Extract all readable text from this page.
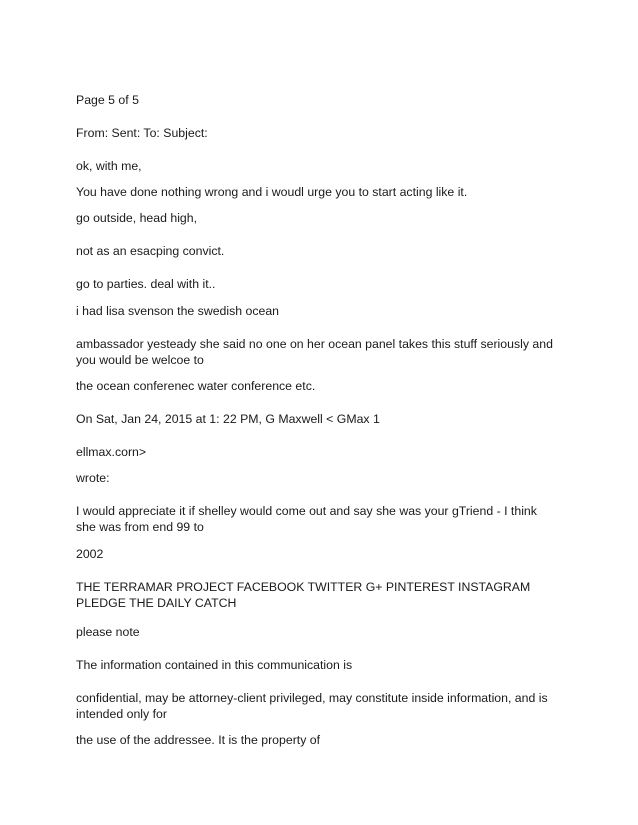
Page 5 of 5

From: Sent: To: Subject:

ok, with me,

You have done nothing wrong and i woudl urge you to start acting like it.

go outside, head high,

not as an esacping convict.

go to parties. deal with it..

i had lisa svenson the swedish ocean

ambassador yesteady she said no one on her ocean panel takes this stuff seriously and you would be welcoe to

the ocean conferenec water conference etc.

On Sat, Jan 24, 2015 at 1: 22 PM, G Maxwell < GMax 1

ellmax.corn>

wrote:

I would appreciate it if shelley would come out and say she was your gTriend - I think she was from end 99 to

2002

THE TERRAMAR PROJECT FACEBOOK TWITTER G+ PINTEREST INSTAGRAM PLEDGE THE DAILY CATCH

please note

The information contained in this communication is

confidential, may be attorney-client privileged, may constitute inside information, and is intended only for

the use of the addressee. It is the property of
